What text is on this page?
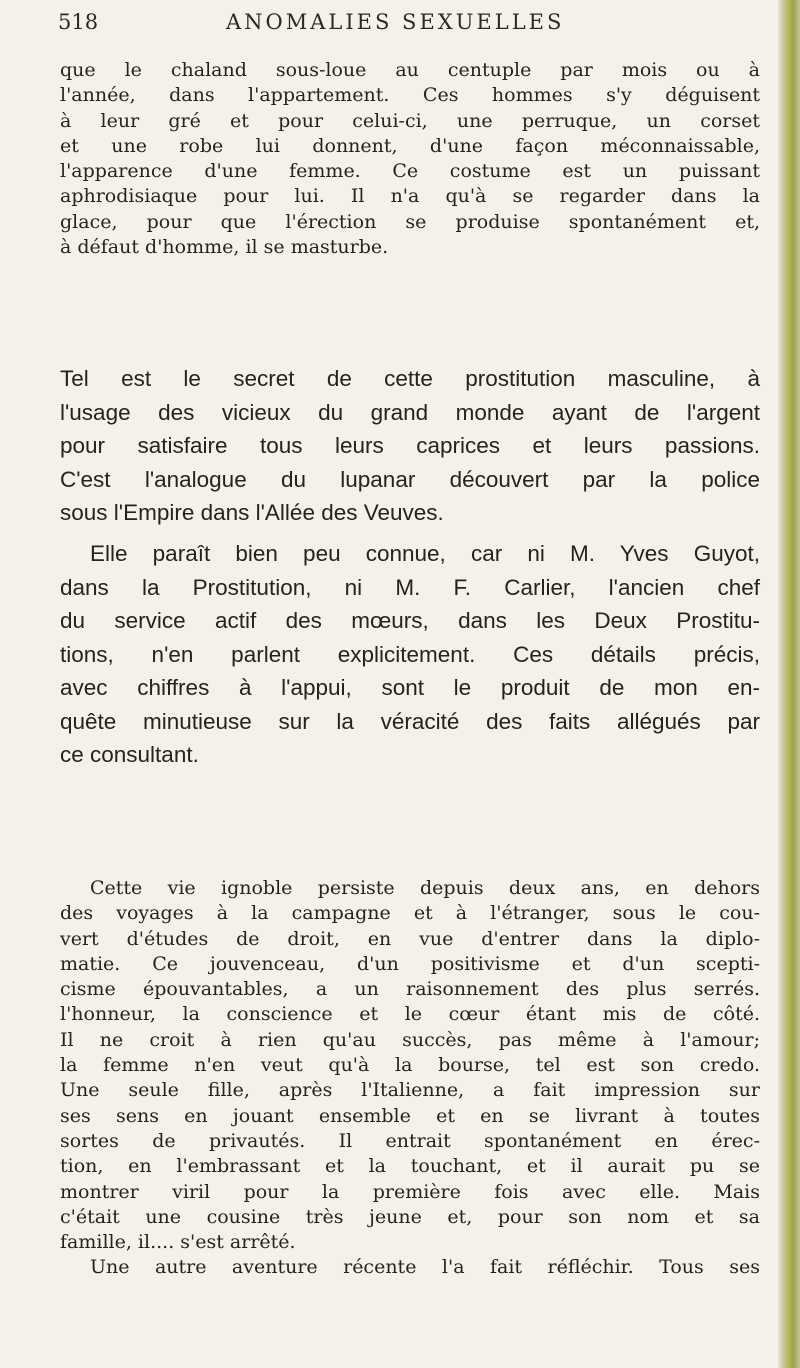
518	ANOMALIES SEXUELLES
que le chaland sous-loue au centuple par mois ou à
l'année, dans l'appartement. Ces hommes s'y déguisent
à leur gré et pour celui-ci, une perruque, un corset
et une robe lui donnent, d'une façon méconnaissable,
l'apparence d'une femme. Ce costume est un puissant
aphrodisiaque pour lui. Il n'a qu'à se regarder dans la
glace, pour que l'érection se produise spontanément et,
à défaut d'homme, il se masturbe.
Tel est le secret de cette prostitution masculine, à
l'usage des vicieux du grand monde ayant de l'argent
pour satisfaire tous leurs caprices et leurs passions.
C'est l'analogue du lupanar découvert par la police
sous l'Empire dans l'Allée des Veuves.
Elle paraît bien peu connue, car ni M. Yves Guyot,
dans la Prostitution, ni M. F. Carlier, l'ancien chef
du service actif des mœurs, dans les Deux Prostitu-
tions, n'en parlent explicitement. Ces détails précis,
avec chiffres à l'appui, sont le produit de mon en-
quête minutieuse sur la véracité des faits allégués par
ce consultant.
Cette vie ignoble persiste depuis deux ans, en dehors
des voyages à la campagne et à l'étranger, sous le cou-
vert d'études de droit, en vue d'entrer dans la diplo-
matie. Ce jouvenceau, d'un positivisme et d'un scepti-
cisme épouvantables, a un raisonnement des plus serrés.
l'honneur, la conscience et le cœur étant mis de côté.
Il ne croit à rien qu'au succès, pas même à l'amour;
la femme n'en veut qu'à la bourse, tel est son credo.
Une seule fille, après l'Italienne, a fait impression sur
ses sens en jouant ensemble et en se livrant à toutes
sortes de privautés. Il entrait spontanément en érec-
tion, en l'embrassant et la touchant, et il aurait pu se
montrer viril pour la première fois avec elle. Mais
c'était une cousine très jeune et, pour son nom et sa
famille, il.... s'est arrêté.
Une autre aventure récente l'a fait réfléchir. Tous ses
